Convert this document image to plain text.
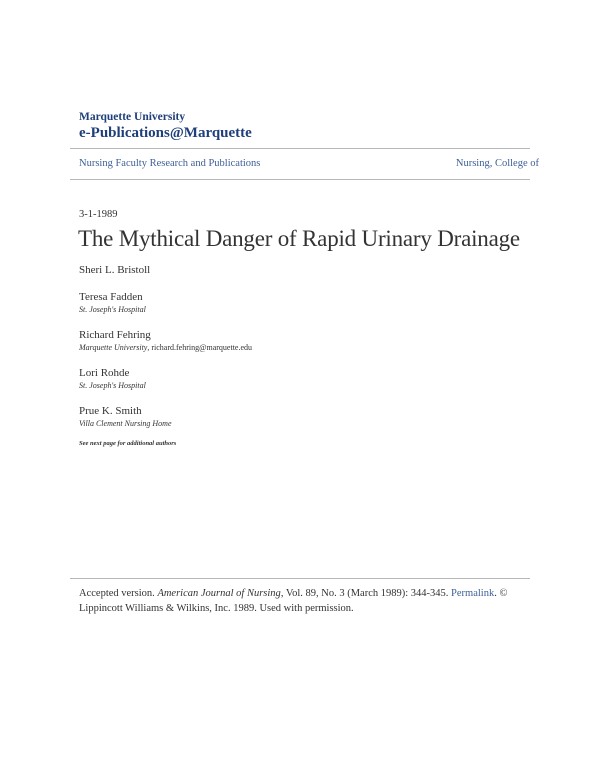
Marquette University
e-Publications@Marquette
Nursing Faculty Research and Publications	Nursing, College of
3-1-1989
The Mythical Danger of Rapid Urinary Drainage
Sheri L. Bristoll
Teresa Fadden
St. Joseph's Hospital
Richard Fehring
Marquette University, richard.fehring@marquette.edu
Lori Rohde
St. Joseph's Hospital
Prue K. Smith
Villa Clement Nursing Home
See next page for additional authors
Accepted version. American Journal of Nursing, Vol. 89, No. 3 (March 1989): 344-345. Permalink. © Lippincott Williams & Wilkins, Inc. 1989. Used with permission.
